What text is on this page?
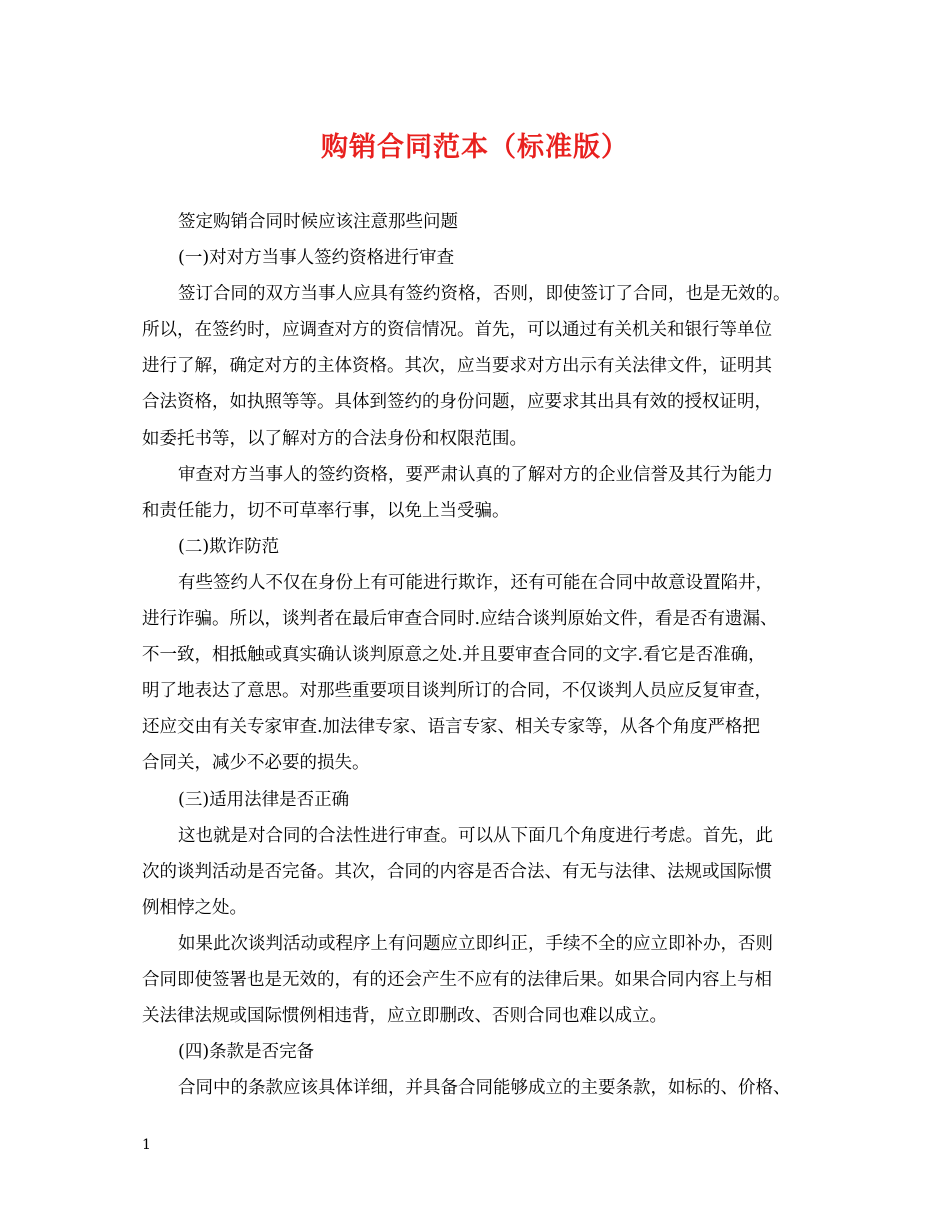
购销合同范本（标准版）
签定购销合同时候应该注意那些问题
(一)对对方当事人签约资格进行审查
签订合同的双方当事人应具有签约资格，否则，即使签订了合同，也是无效的。
所以，在签约时，应调查对方的资信情况。首先，可以通过有关机关和银行等单位
进行了解，确定对方的主体资格。其次，应当要求对方出示有关法律文件，证明其
合法资格，如执照等等。具体到签约的身份问题，应要求其出具有效的授权证明，
如委托书等，以了解对方的合法身份和权限范围。
审查对方当事人的签约资格，要严肃认真的了解对方的企业信誉及其行为能力
和责任能力，切不可草率行事，以免上当受骗。
(二)欺诈防范
有些签约人不仅在身份上有可能进行欺诈，还有可能在合同中故意设置陷井，
进行诈骗。所以，谈判者在最后审查合同时.应结合谈判原始文件，看是否有遗漏、
不一致，相抵触或真实确认谈判原意之处.并且要审查合同的文字.看它是否准确，
明了地表达了意思。对那些重要项目谈判所订的合同，不仅谈判人员应反复审查，
还应交由有关专家审查.加法律专家、语言专家、相关专家等，从各个角度严格把
合同关，减少不必要的损失。
(三)适用法律是否正确
这也就是对合同的合法性进行审查。可以从下面几个角度进行考虑。首先，此
次的谈判活动是否完备。其次，合同的内容是否合法、有无与法律、法规或国际惯
例相悖之处。
如果此次谈判活动或程序上有问题应立即纠正，手续不全的应立即补办，否则
合同即使签署也是无效的，有的还会产生不应有的法律后果。如果合同内容上与相
关法律法规或国际惯例相违背，应立即删改、否则合同也难以成立。
(四)条款是否完备
合同中的条款应该具体详细，并具备合同能够成立的主要条款，如标的、价格、
1
